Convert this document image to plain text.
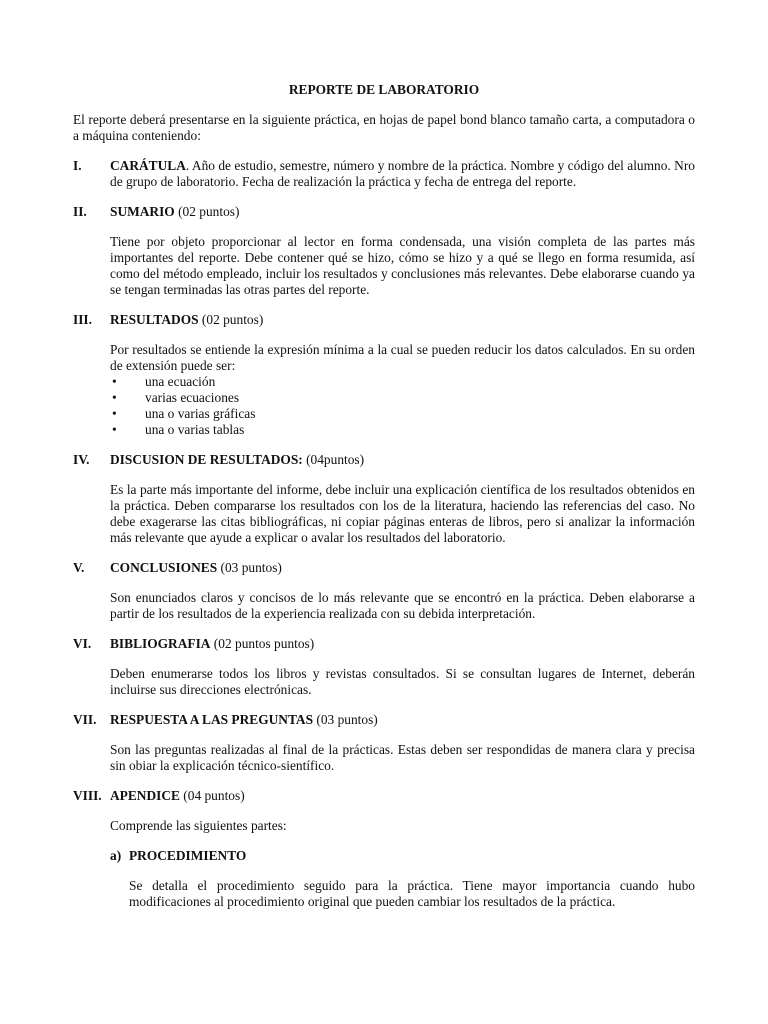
REPORTE DE LABORATORIO
El reporte deberá presentarse en la siguiente práctica, en hojas de papel bond blanco tamaño carta, a computadora o a máquina conteniendo:
I.	CARÁTULA. Año de estudio, semestre, número y nombre de la práctica. Nombre y código del alumno. Nro de grupo de laboratorio. Fecha de realización la práctica y fecha de entrega del reporte.
II.	SUMARIO (02 puntos)
Tiene por objeto proporcionar al lector en forma condensada, una visión completa de las partes más importantes del reporte. Debe contener qué se hizo, cómo se hizo y a qué se llego en forma resumida, así como del método empleado, incluir los resultados y conclusiones más relevantes. Debe elaborarse cuando ya se tengan terminadas las otras partes del reporte.
III.	RESULTADOS (02 puntos)
Por resultados se entiende la expresión mínima a la cual se pueden reducir los datos calculados. En su orden de extensión puede ser:
•	una ecuación
•	varias ecuaciones
•	una o varias gráficas
•	una o varias tablas
IV.	DISCUSION DE RESULTADOS: (04puntos)
Es la parte más importante del informe, debe incluir una explicación científica de los resultados obtenidos en la práctica. Deben compararse los resultados con los de la literatura, haciendo las referencias del caso. No debe exagerarse las citas bibliográficas, ni copiar páginas enteras de libros, pero si analizar la información más relevante que ayude a explicar o avalar los resultados del laboratorio.
V.	CONCLUSIONES (03 puntos)
Son enunciados claros y concisos de lo más relevante que se encontró en la práctica. Deben elaborarse a partir de los resultados de la experiencia realizada con su debida interpretación.
VI.	BIBLIOGRAFIA (02 puntos puntos)
Deben enumerarse todos los libros y revistas consultados. Si se consultan lugares de Internet, deberán incluirse sus direcciones electrónicas.
VII.	RESPUESTA A LAS PREGUNTAS (03 puntos)
Son las preguntas realizadas al final de la prácticas. Estas deben ser respondidas de manera clara y precisa sin obiar la explicación técnico-sientífico.
VIII. APENDICE (04 puntos)
Comprende las siguientes partes:
a) PROCEDIMIENTO
Se detalla el procedimiento seguido para la práctica. Tiene mayor importancia cuando hubo modificaciones al procedimiento original que pueden cambiar los resultados de la práctica.
